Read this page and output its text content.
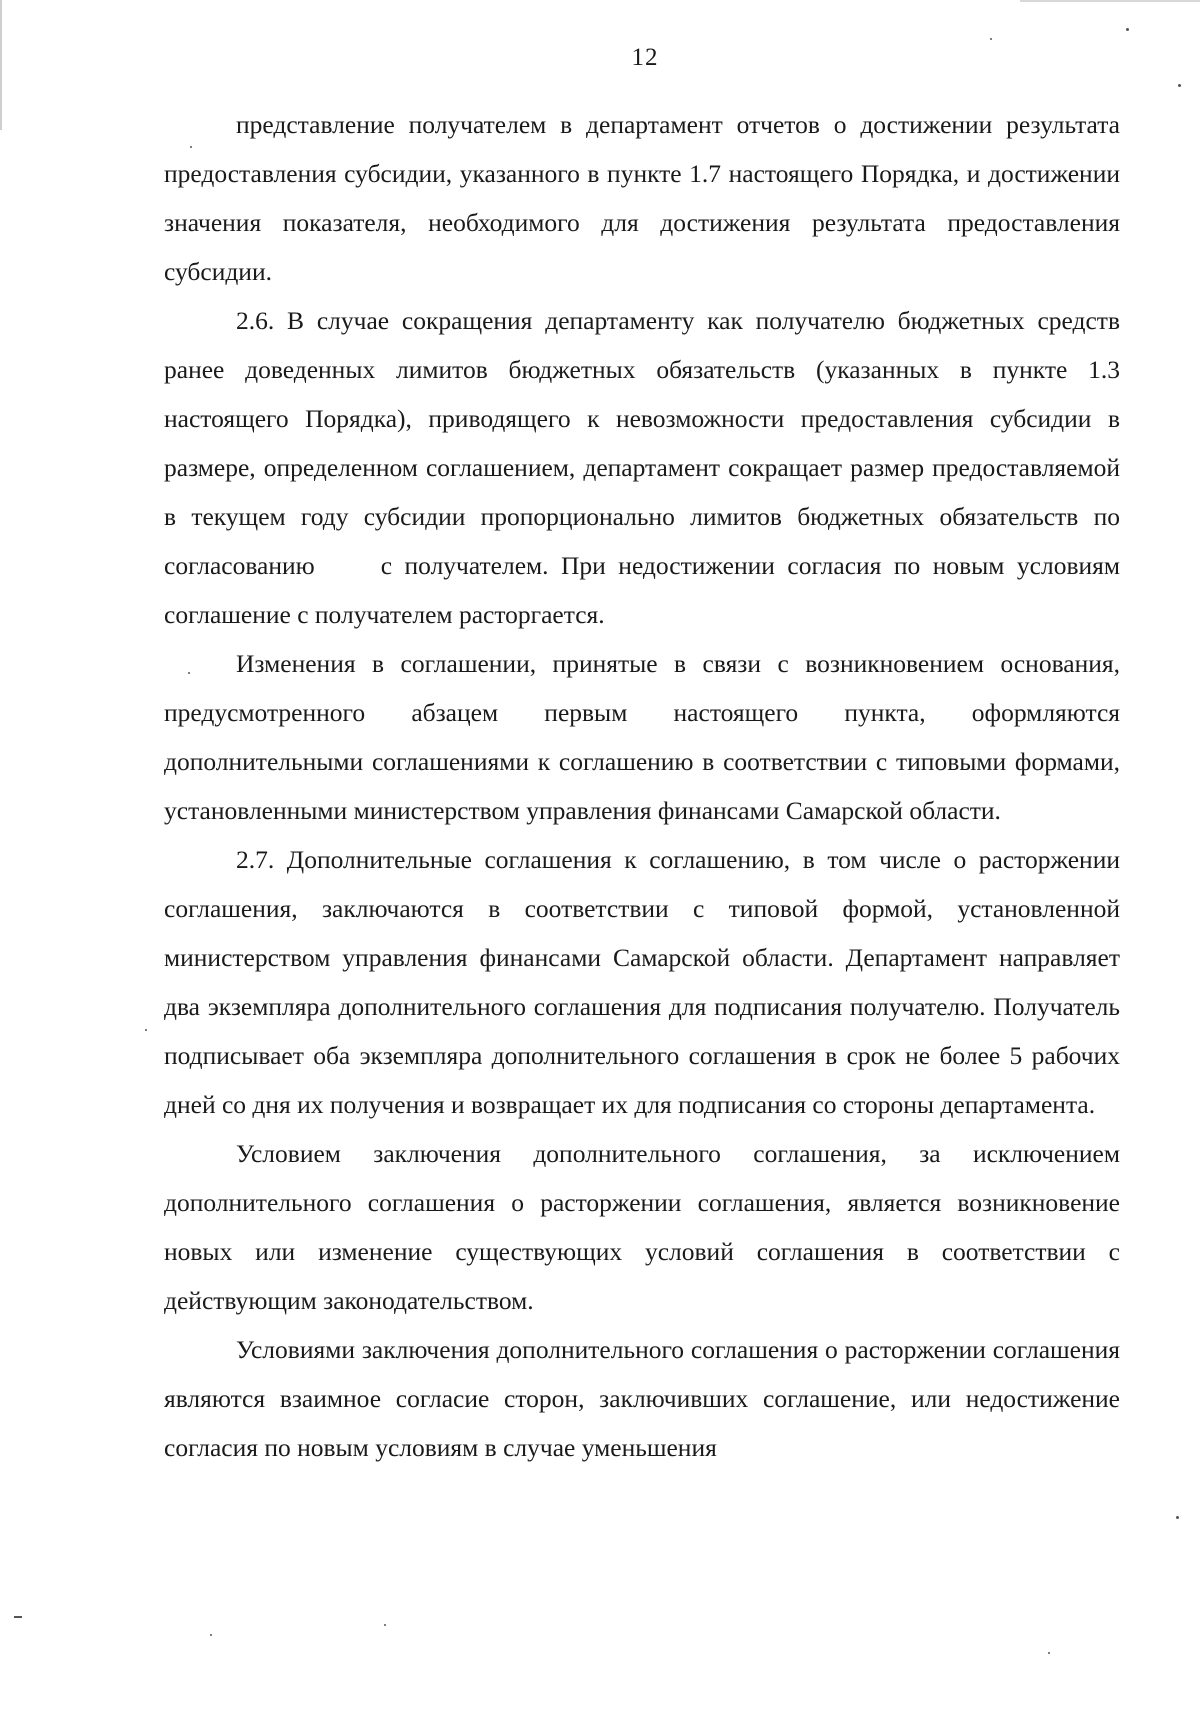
12

представление получателем в департамент отчетов о достижении результата предоставления субсидии, указанного в пункте 1.7 настоящего Порядка, и достижении значения показателя, необходимого для достижения результата предоставления субсидии.

2.6. В случае сокращения департаменту как получателю бюджетных средств ранее доведенных лимитов бюджетных обязательств (указанных в пункте 1.3 настоящего Порядка), приводящего к невозможности предоставления субсидии в размере, определенном соглашением, департамент сокращает размер предоставляемой в текущем году субсидии пропорционально лимитов бюджетных обязательств по согласованию	с получателем. При недостижении согласия по новым условиям соглашение с получателем расторгается.

Изменения в соглашении, принятые в связи с возникновением основания, предусмотренного абзацем первым настоящего пункта, оформляются дополнительными соглашениями к соглашению в соответствии с типовыми формами, установленными министерством управления финансами Самарской области.

2.7. Дополнительные соглашения к соглашению, в том числе о расторжении соглашения, заключаются в соответствии с типовой формой, установленной министерством управления финансами Самарской области. Департамент направляет два экземпляра дополнительного соглашения для подписания получателю. Получатель подписывает оба экземпляра дополнительного соглашения в срок не более 5 рабочих дней со дня их получения и возвращает их для подписания со стороны департамента.

Условием заключения дополнительного соглашения, за исключением дополнительного соглашения о расторжении соглашения, является возникновение новых или изменение существующих условий соглашения в соответствии с действующим законодательством.

Условиями заключения дополнительного соглашения о расторжении соглашения являются взаимное согласие сторон, заключивших соглашение, или недостижение согласия по новым условиям в случае уменьшения
